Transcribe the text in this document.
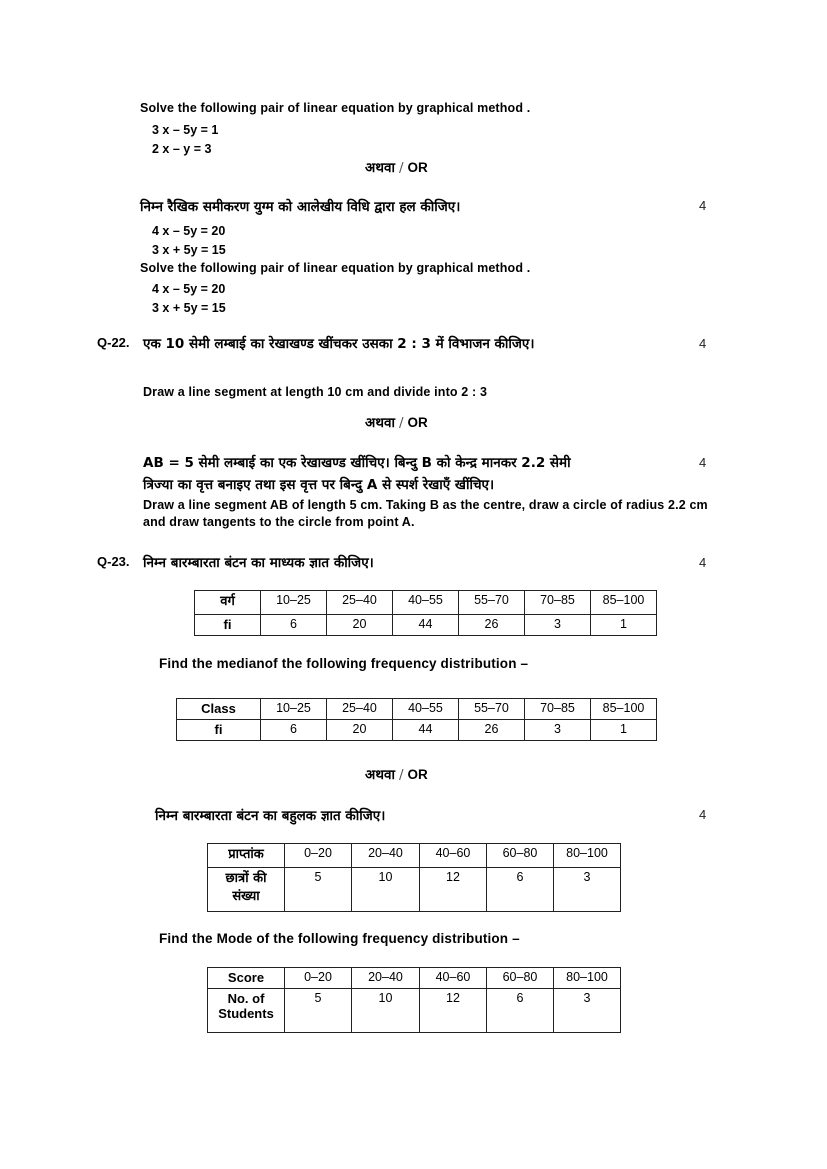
Solve the following pair of linear equation by graphical method .
3 x – 5y = 1
2 x – y = 3
अथवा / OR
निम्न रैखिक समीकरण युग्म को आलेखीय विधि द्वारा हल कीजिए।	4
4 x – 5y = 20
3 x + 5y = 15
Solve the following pair of linear equation by graphical method .
4 x – 5y = 20
3 x + 5y = 15
Q-22. एक 10 सेमी लम्बाई का रेखाखण्ड खींचकर उसका 2 : 3 में विभाजन कीजिए।	4
Draw a line segment at length 10 cm and divide into 2 : 3
अथवा / OR
AB = 5 सेमी लम्बाई का एक रेखाखण्ड खींचिए। बिन्दु B को केन्द्र मानकर 2.2 सेमी	4
त्रिज्या का वृत्त बनाइए तथा इस वृत्त पर बिन्दु A से स्पर्श रेखाएँ खींचिए।
Draw a line segment AB of length 5 cm. Taking B as the centre, draw a circle of radius 2.2 cm
and draw tangents to the circle from point A.
Q-23. निम्न बारम्बारता बंटन का माध्यक ज्ञात कीजिए।	4
वर्ग	10–25	25–40	40–55	55–70	70–85	85–100
fi	6	20	44	26	3	1
Find the medianof the following frequency distribution –
Class	10–25	25–40	40–55	55–70	70–85	85–100
fi	6	20	44	26	3	1
अथवा / OR
निम्न बारम्बारता बंटन का बहुलक ज्ञात कीजिए।	4
प्राप्तांक	0–20	20–40	40–60	60–80	80–100
छात्रों की संख्या	5	10	12	6	3
Find the Mode of the following frequency distribution –
Score	0–20	20–40	40–60	60–80	80–100
No. of Students	5	10	12	6	3
